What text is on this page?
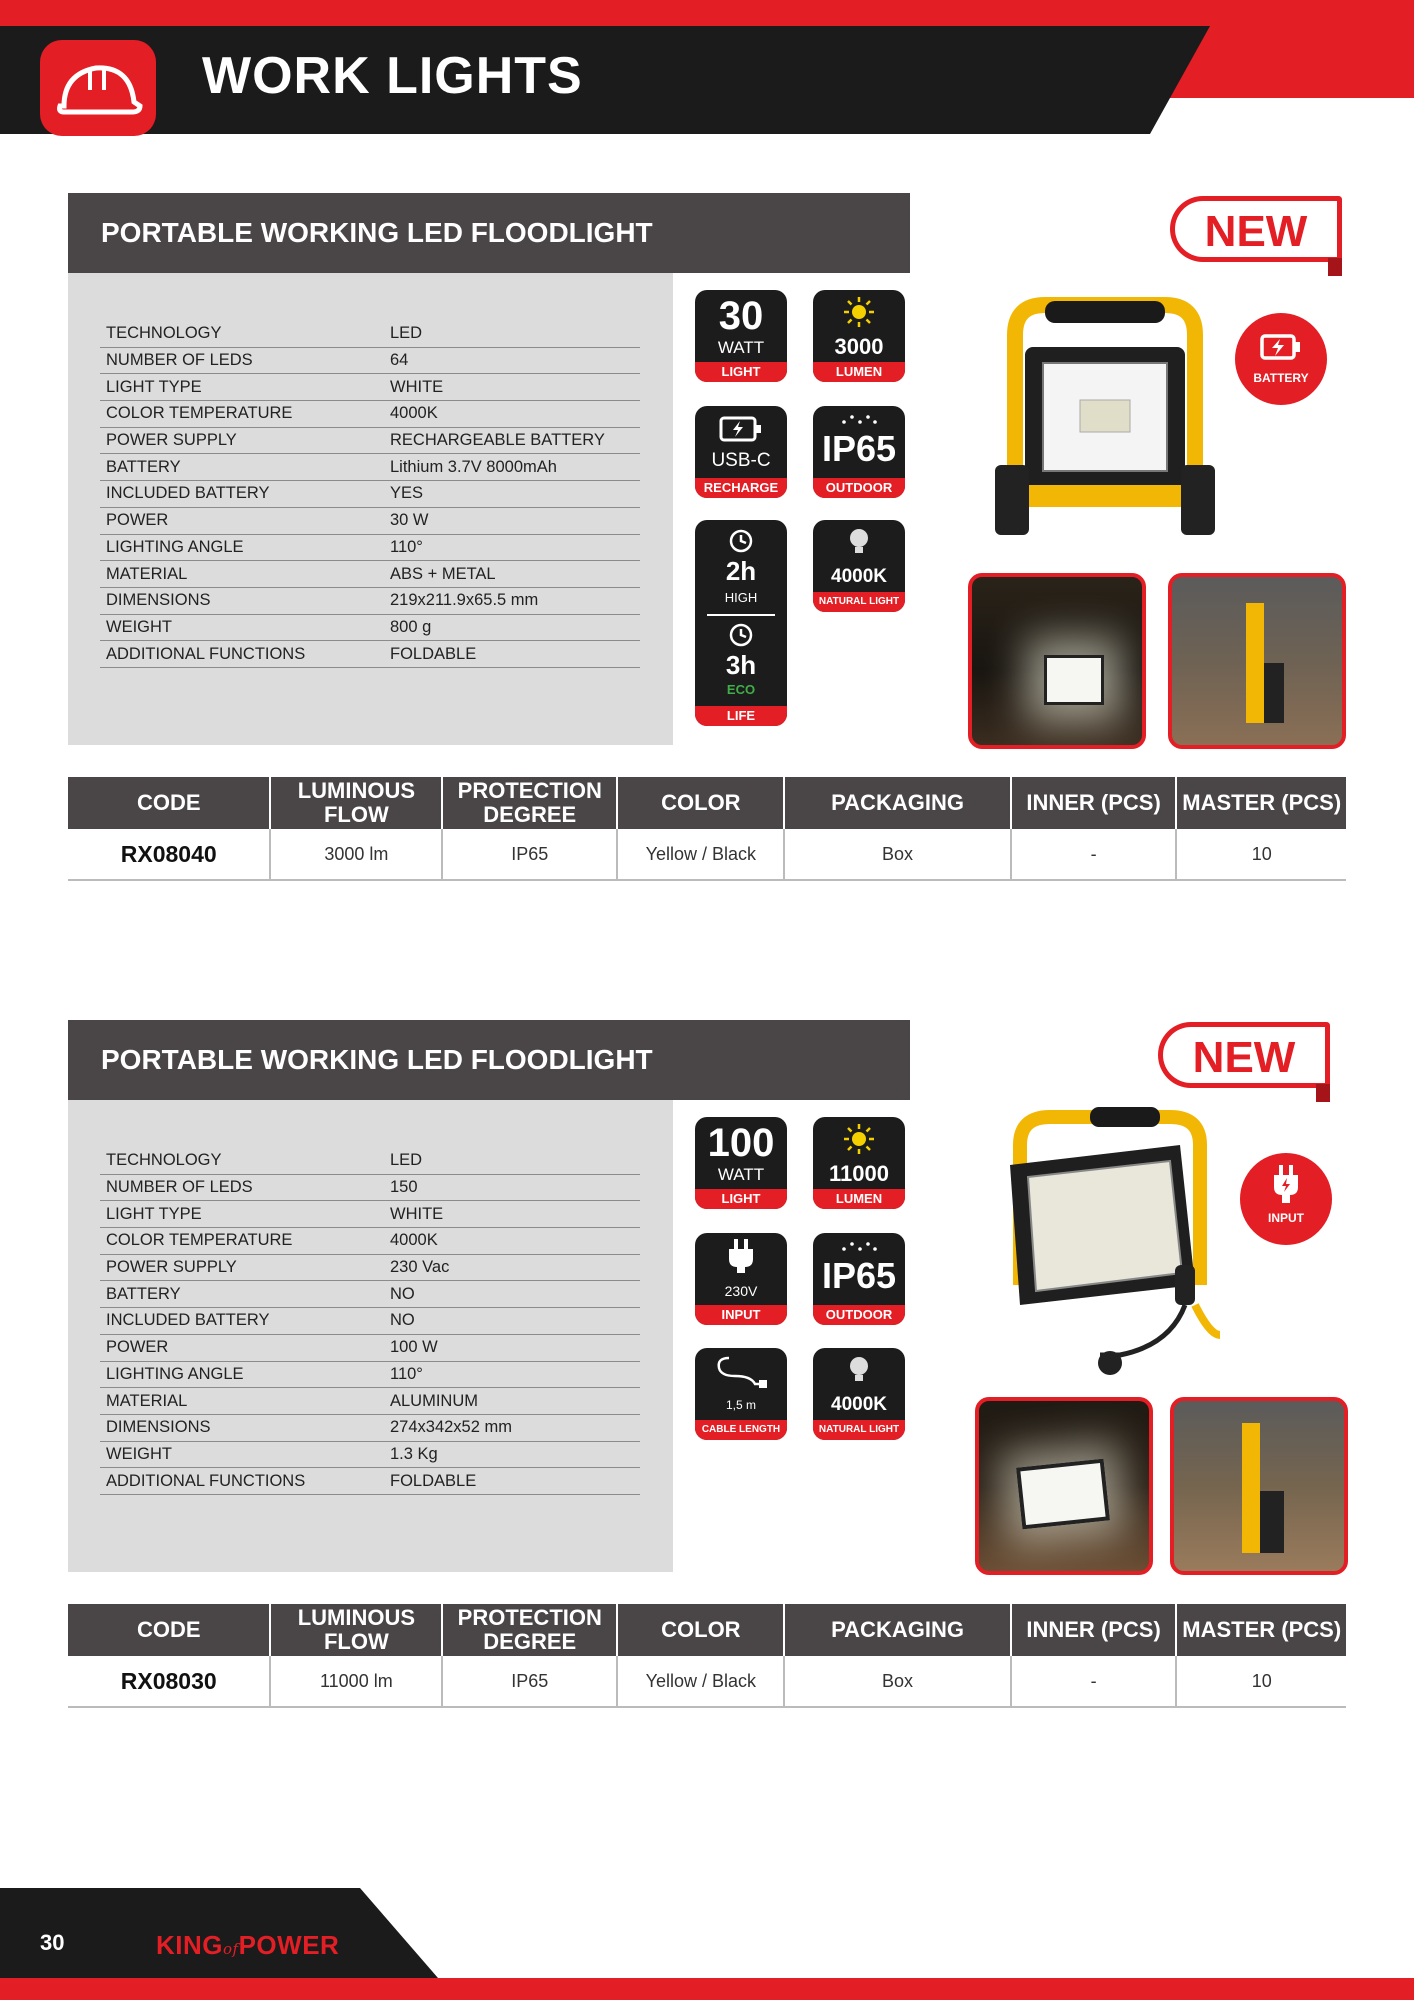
WORK LIGHTS
PORTABLE WORKING LED FLOODLIGHT
TECHNOLOGY	LED
NUMBER OF LEDS	64
LIGHT TYPE	WHITE
COLOR TEMPERATURE	4000K
POWER SUPPLY	RECHARGEABLE BATTERY
BATTERY	Lithium 3.7V 8000mAh
INCLUDED BATTERY	YES
POWER	30 W
LIGHTING ANGLE	110°
MATERIAL	ABS + METAL
DIMENSIONS	219x211.9x65.5 mm
WEIGHT	800 g
ADDITIONAL FUNCTIONS	FOLDABLE
30
WATT
LIGHT
3000
LUMEN
USB-C
RECHARGE
IP65
OUTDOOR
2h
HIGH
3h
ECO
LIFE
4000K
NATURAL LIGHT
NEW
BATTERY
CODE	LUMINOUS FLOW	PROTECTION DEGREE	COLOR	PACKAGING	INNER (PCS)	MASTER (PCS)
RX08040	3000 lm	IP65	Yellow / Black	Box	-	10
PORTABLE WORKING LED FLOODLIGHT
TECHNOLOGY	LED
NUMBER OF LEDS	150
LIGHT TYPE	WHITE
COLOR TEMPERATURE	4000K
POWER SUPPLY	230 Vac
BATTERY	NO
INCLUDED BATTERY	NO
POWER	100 W
LIGHTING ANGLE	110°
MATERIAL	ALUMINUM
DIMENSIONS	274x342x52 mm
WEIGHT	1.3 Kg
ADDITIONAL FUNCTIONS	FOLDABLE
100
WATT
LIGHT
11000
LUMEN
230V
INPUT
IP65
OUTDOOR
1,5 m
CABLE LENGTH
4000K
NATURAL LIGHT
NEW
INPUT
CODE	LUMINOUS FLOW	PROTECTION DEGREE	COLOR	PACKAGING	INNER (PCS)	MASTER (PCS)
RX08030	11000 lm	IP65	Yellow / Black	Box	-	10
30	KINGofPOWER
